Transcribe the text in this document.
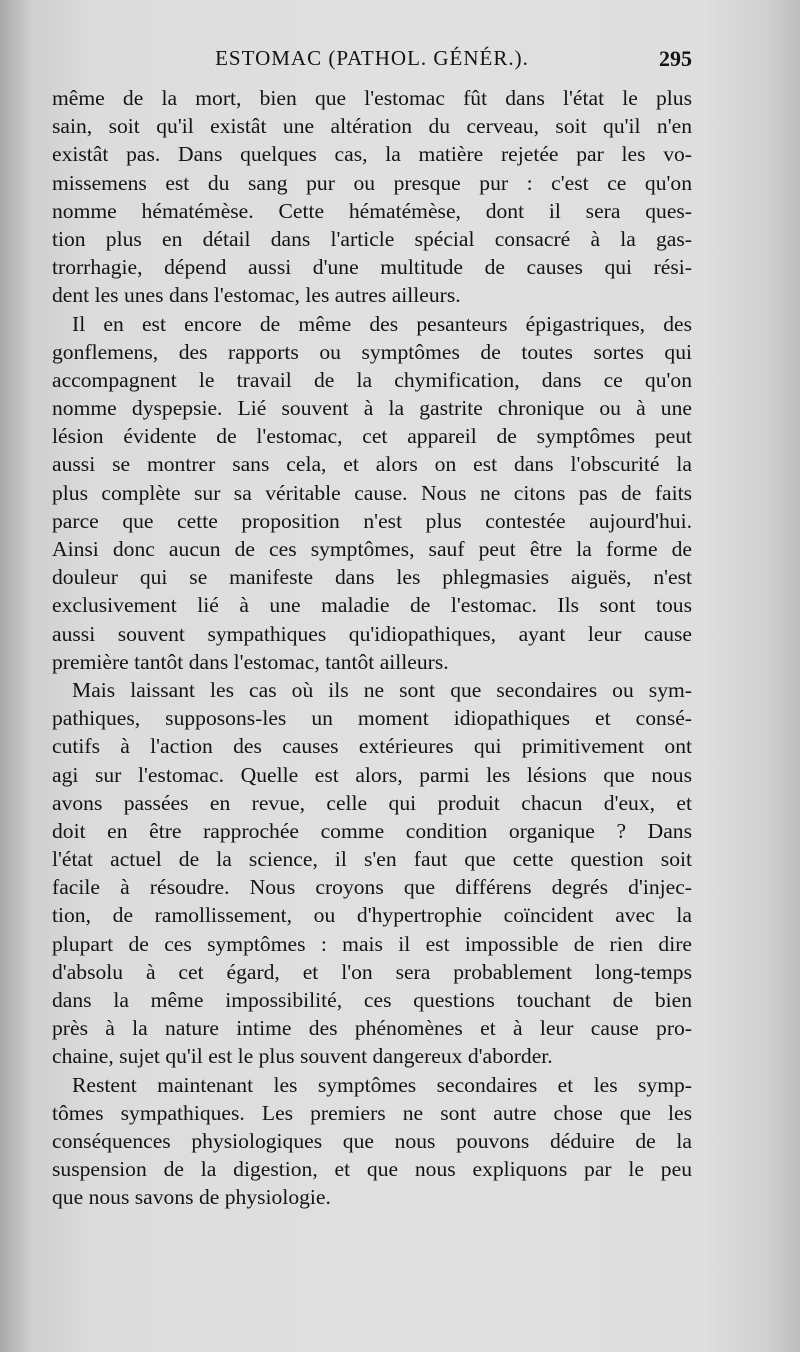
ESTOMAC (PATHOL. GÉNÉR.).	295
même de la mort, bien que l'estomac fût dans l'état le plus
sain, soit qu'il existât une altération du cerveau, soit qu'il n'en
existât pas. Dans quelques cas, la matière rejetée par les vo-
missemens est du sang pur ou presque pur : c'est ce qu'on
nomme hématémèse. Cette hématémèse, dont il sera ques-
tion plus en détail dans l'article spécial consacré à la gas-
trorrhagie, dépend aussi d'une multitude de causes qui rési-
dent les unes dans l'estomac, les autres ailleurs.
Il en est encore de même des pesanteurs épigastriques, des
gonflemens, des rapports ou symptômes de toutes sortes qui
accompagnent le travail de la chymification, dans ce qu'on
nomme dyspepsie. Lié souvent à la gastrite chronique ou à une
lésion évidente de l'estomac, cet appareil de symptômes peut
aussi se montrer sans cela, et alors on est dans l'obscurité la
plus complète sur sa véritable cause. Nous ne citons pas de faits
parce que cette proposition n'est plus contestée aujourd'hui.
Ainsi donc aucun de ces symptômes, sauf peut être la forme de
douleur qui se manifeste dans les phlegmasies aiguës, n'est
exclusivement lié à une maladie de l'estomac. Ils sont tous
aussi souvent sympathiques qu'idiopathiques, ayant leur cause
première tantôt dans l'estomac, tantôt ailleurs.
Mais laissant les cas où ils ne sont que secondaires ou sym-
pathiques, supposons-les un moment idiopathiques et consé-
cutifs à l'action des causes extérieures qui primitivement ont
agi sur l'estomac. Quelle est alors, parmi les lésions que nous
avons passées en revue, celle qui produit chacun d'eux, et
doit en être rapprochée comme condition organique ? Dans
l'état actuel de la science, il s'en faut que cette question soit
facile à résoudre. Nous croyons que différens degrés d'injec-
tion, de ramollissement, ou d'hypertrophie coïncident avec la
plupart de ces symptômes : mais il est impossible de rien dire
d'absolu à cet égard, et l'on sera probablement long-temps
dans la même impossibilité, ces questions touchant de bien
près à la nature intime des phénomènes et à leur cause pro-
chaine, sujet qu'il est le plus souvent dangereux d'aborder.
Restent maintenant les symptômes secondaires et les symp-
tômes sympathiques. Les premiers ne sont autre chose que les
conséquences physiologiques que nous pouvons déduire de la
suspension de la digestion, et que nous expliquons par le peu
que nous savons de physiologie.
